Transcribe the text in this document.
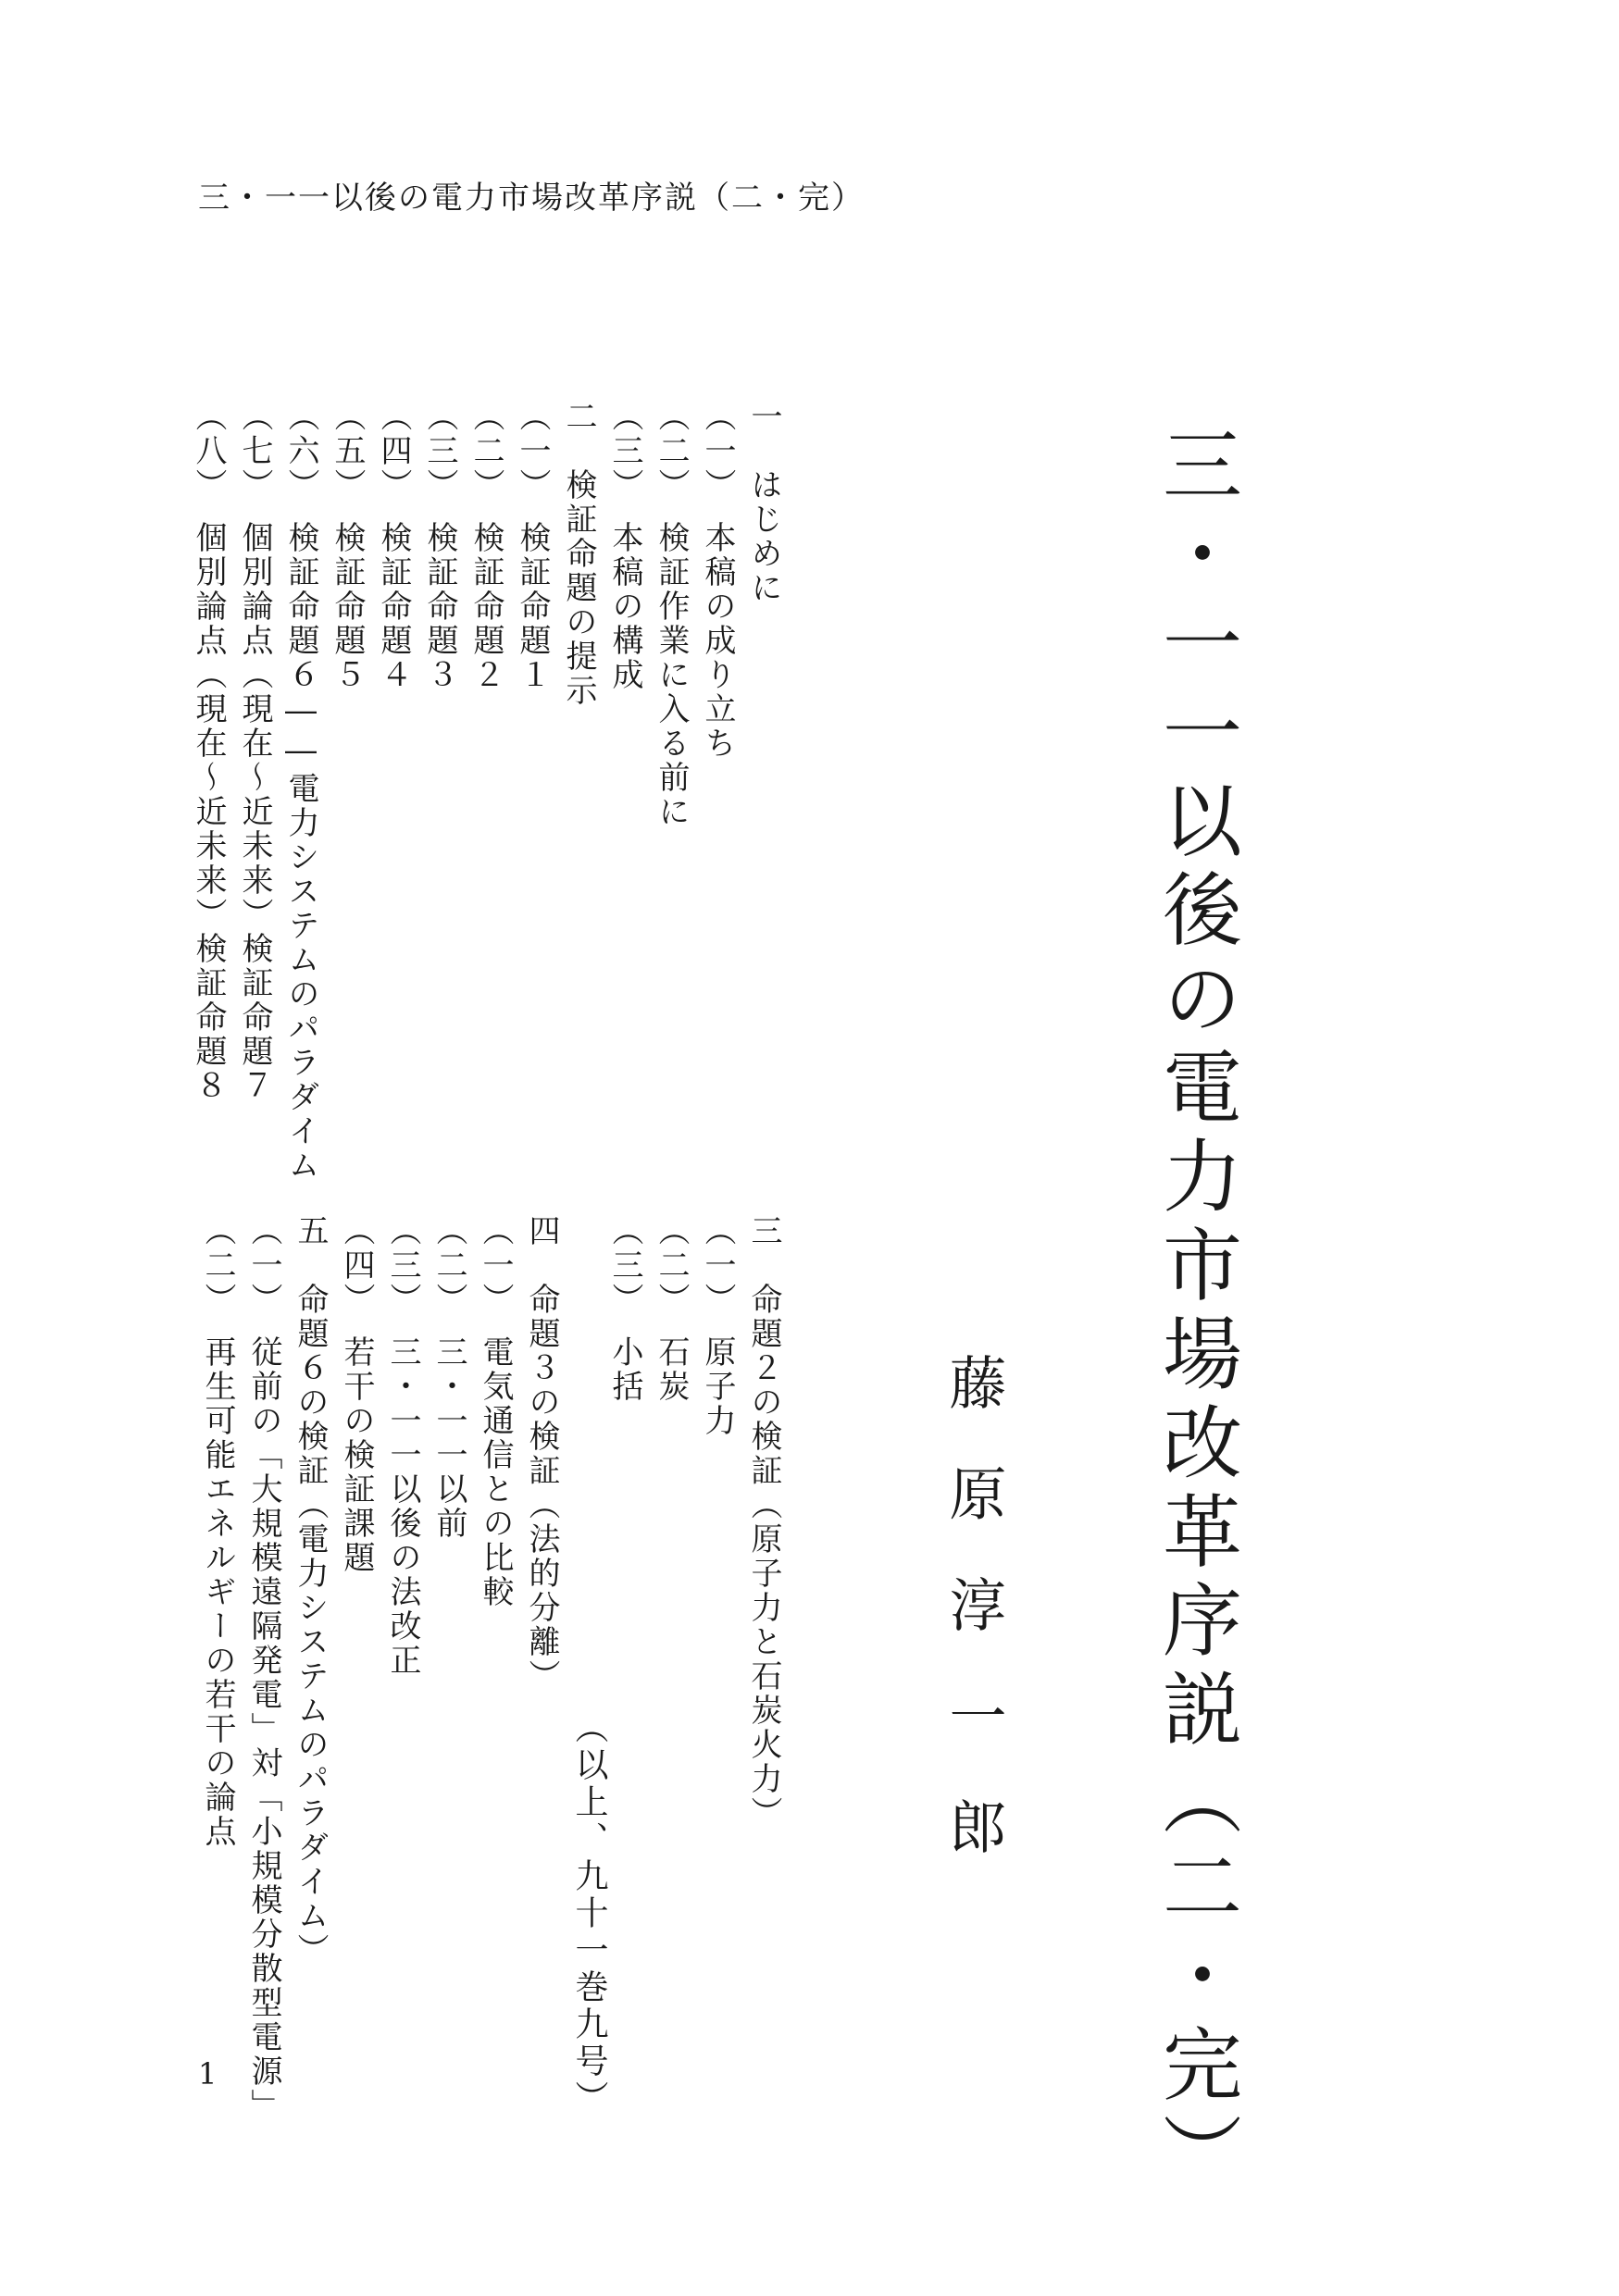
三・一一以後の電力市場改革序説（二・完）
三・一一以後の電力市場改革序説（二・完）
藤原淳一郎
（以上、九十一巻九号）
一　はじめに
（一）　本稿の成り立ち
（二）　検証作業に入る前に
（三）　本稿の構成
二　検証命題の提示
（一）　検証命題１
（二）　検証命題２
（三）　検証命題３
（四）　検証命題４
（五）　検証命題５
（六）　検証命題６――電力システムのパラダイム
（七）　個別論点（現在～近未来）検証命題７
（八）　個別論点（現在～近未来）検証命題８
三　命題２の検証（原子力と石炭火力）
（一）　原子力
（二）　石炭
（三）　小括
四　命題３の検証（法的分離）
（一）　電気通信との比較
（二）　三・一一以前
（三）　三・一一以後の法改正
（四）　若干の検証課題
五　命題６の検証（電力システムのパラダイム）
（一）　従前の「大規模遠隔発電」対「小規模分散型電源」
（二）　再生可能エネルギーの若干の論点
1
